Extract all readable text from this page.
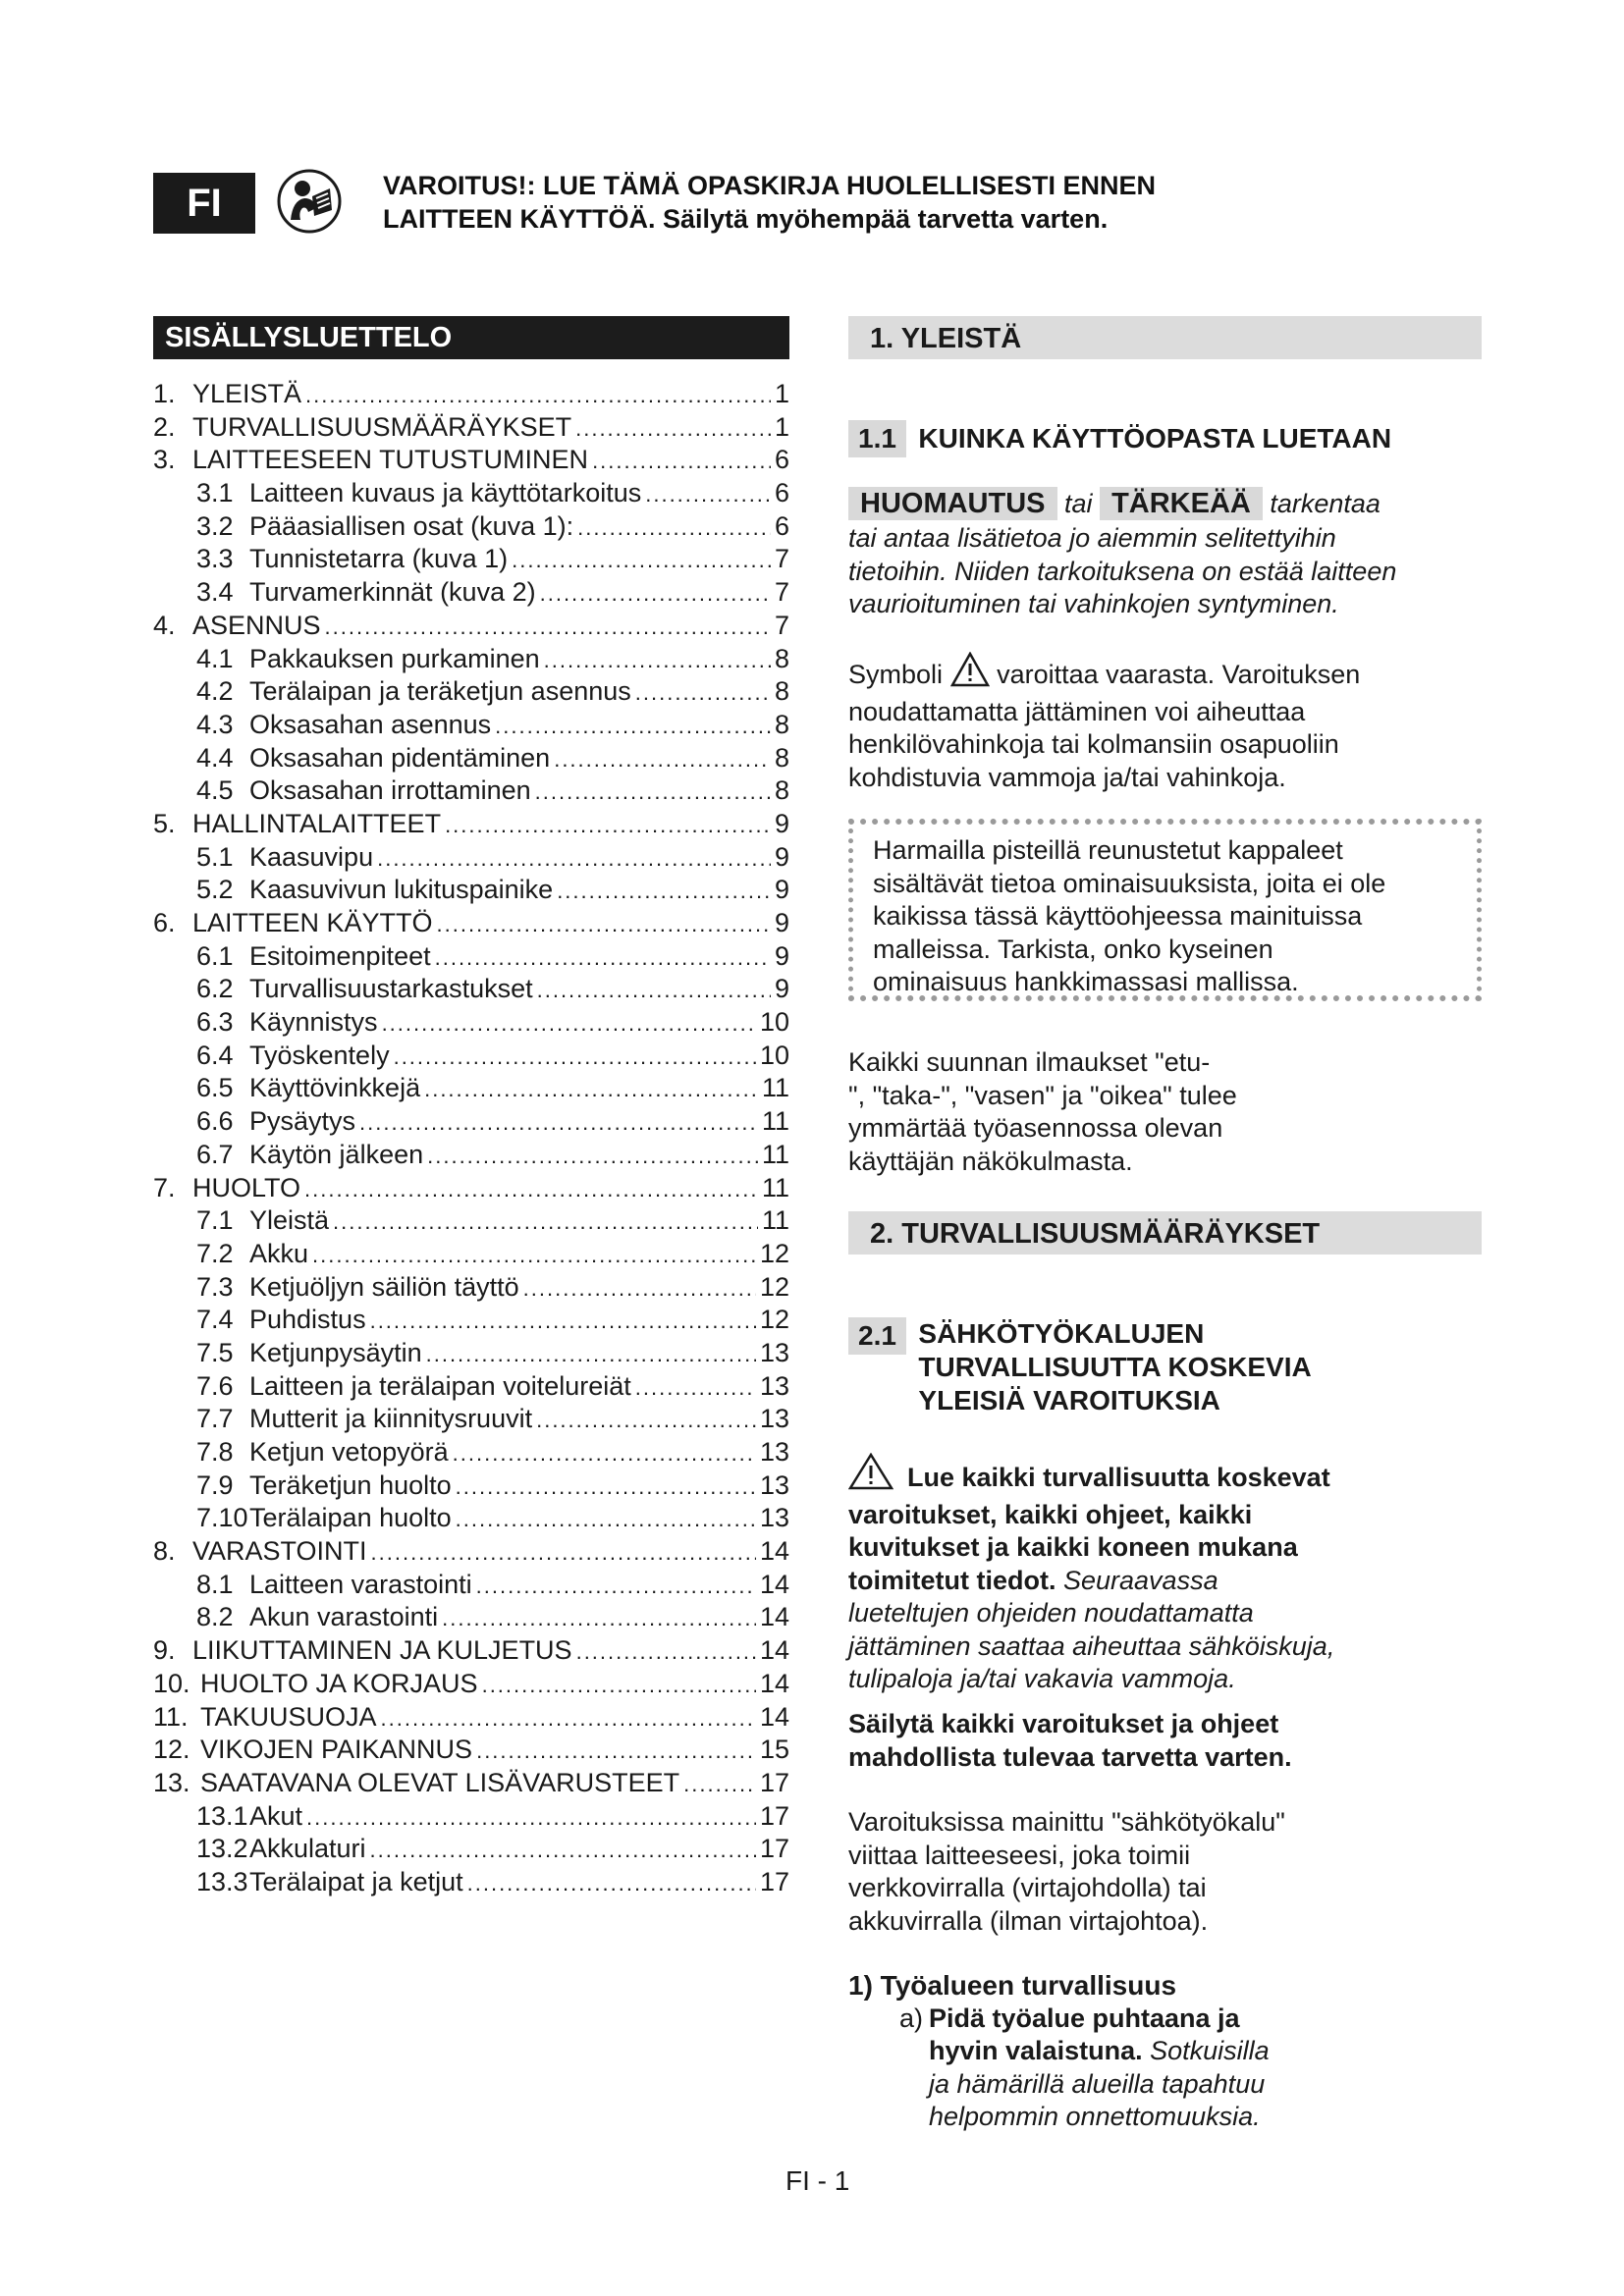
FI	VAROITUS!: LUE TÄMÄ OPASKIRJA HUOLELLISESTI ENNEN
LAITTEEN KÄYTTÖÄ. Säilytä myöhempää tarvetta varten.
SISÄLLYSLUETTELO
1. YLEISTÄ .....	1
2. TURVALLISUUSMÄÄRÄYKSET .....	1
3. LAITTEESEEN TUTUSTUMINEN .....	6
3.1 Laitteen kuvaus ja käyttötarkoitus .....	6
3.2 Pääasiallisen osat (kuva 1): .....	6
3.3 Tunnistetarra (kuva 1) .....	7
3.4 Turvamerkinnät (kuva 2) .....	7
4. ASENNUS .....	7
4.1 Pakkauksen purkaminen .....	8
4.2 Terälaipan ja teräketjun asennus .....	8
4.3 Oksasahan asennus .....	8
4.4 Oksasahan pidentäminen .....	8
4.5 Oksasahan irrottaminen .....	8
5. HALLINTALAITTEET .....	9
5.1 Kaasuvipu .....	9
5.2 Kaasuvivun lukituspainike .....	9
6. LAITTEEN KÄYTTÖ .....	9
6.1 Esitoimenpiteet .....	9
6.2 Turvallisuustarkastukset .....	9
6.3 Käynnistys .....	10
6.4 Työskentely .....	10
6.5 Käyttövinkkejä .....	11
6.6 Pysäytys .....	11
6.7 Käytön jälkeen .....	11
7. HUOLTO .....	11
7.1 Yleistä .....	11
7.2 Akku .....	12
7.3 Ketjuöljyn säiliön täyttö .....	12
7.4 Puhdistus .....	12
7.5 Ketjunpysäytin .....	13
7.6 Laitteen ja terälaipan voitelureiät .....	13
7.7 Mutterit ja kiinnitysruuvit .....	13
7.8 Ketjun vetopyörä .....	13
7.9 Teräketjun huolto .....	13
7.10 Terälaipan huolto .....	13
8. VARASTOINTI .....	14
8.1 Laitteen varastointi .....	14
8.2 Akun varastointi .....	14
9. LIIKUTTAMINEN JA KULJETUS .....	14
10. HUOLTO JA KORJAUS .....	14
11. TAKUUSUOJA .....	14
12. VIKOJEN PAIKANNUS .....	15
13. SAATAVANA OLEVAT LISÄVARUSTEET .....	17
13.1 Akut .....	17
13.2 Akkulaturi .....	17
13.3 Terälaipat ja ketjut .....	17
1. YLEISTÄ
1.1 KUINKA KÄYTTÖOPASTA LUETAAN
HUOMAUTUS tai TÄRKEÄÄ tarkentaa
tai antaa lisätietoa jo aiemmin selitettyihin
tietoihin. Niiden tarkoituksena on estää laitteen
vaurioituminen tai vahinkojen syntyminen.
Symboli varoittaa vaarasta. Varoituksen
noudattamatta jättäminen voi aiheuttaa
henkilövahinkoja tai kolmansiin osapuoliin
kohdistuvia vammoja ja/tai vahinkoja.
Harmailla pisteillä reunustetut kappaleet
sisältävät tietoa ominaisuuksista, joita ei ole
kaikissa tässä käyttöohjeessa mainituissa
malleissa. Tarkista, onko kyseinen
ominaisuus hankkimassasi mallissa.
Kaikki suunnan ilmaukset "etu-
", "taka-", "vasen" ja "oikea" tulee
ymmärtää työasennossa olevan
käyttäjän näkökulmasta.
2. TURVALLISUUSMÄÄRÄYKSET
2.1 SÄHKÖTYÖKALUJEN
TURVALLISUUTTA KOSKEVIA
YLEISIÄ VAROITUKSIA
Lue kaikki turvallisuutta koskevat
varoitukset, kaikki ohjeet, kaikki
kuvitukset ja kaikki koneen mukana
toimitetut tiedot. Seuraavassa
lueteltujen ohjeiden noudattamatta
jättäminen saattaa aiheuttaa sähköiskuja,
tulipaloja ja/tai vakavia vammoja.
Säilytä kaikki varoitukset ja ohjeet
mahdollista tulevaa tarvetta varten.
Varoituksissa mainittu "sähkötyökalu"
viittaa laitteeseesi, joka toimii
verkkovirralla (virtajohdolla) tai
akkuvirralla (ilman virtajohtoa).
1) Työalueen turvallisuus
a) Pidä työalue puhtaana ja
hyvin valaistuna. Sotkuisilla
ja hämärillä alueilla tapahtuu
helpommin onnettomuuksia.
FI - 1
